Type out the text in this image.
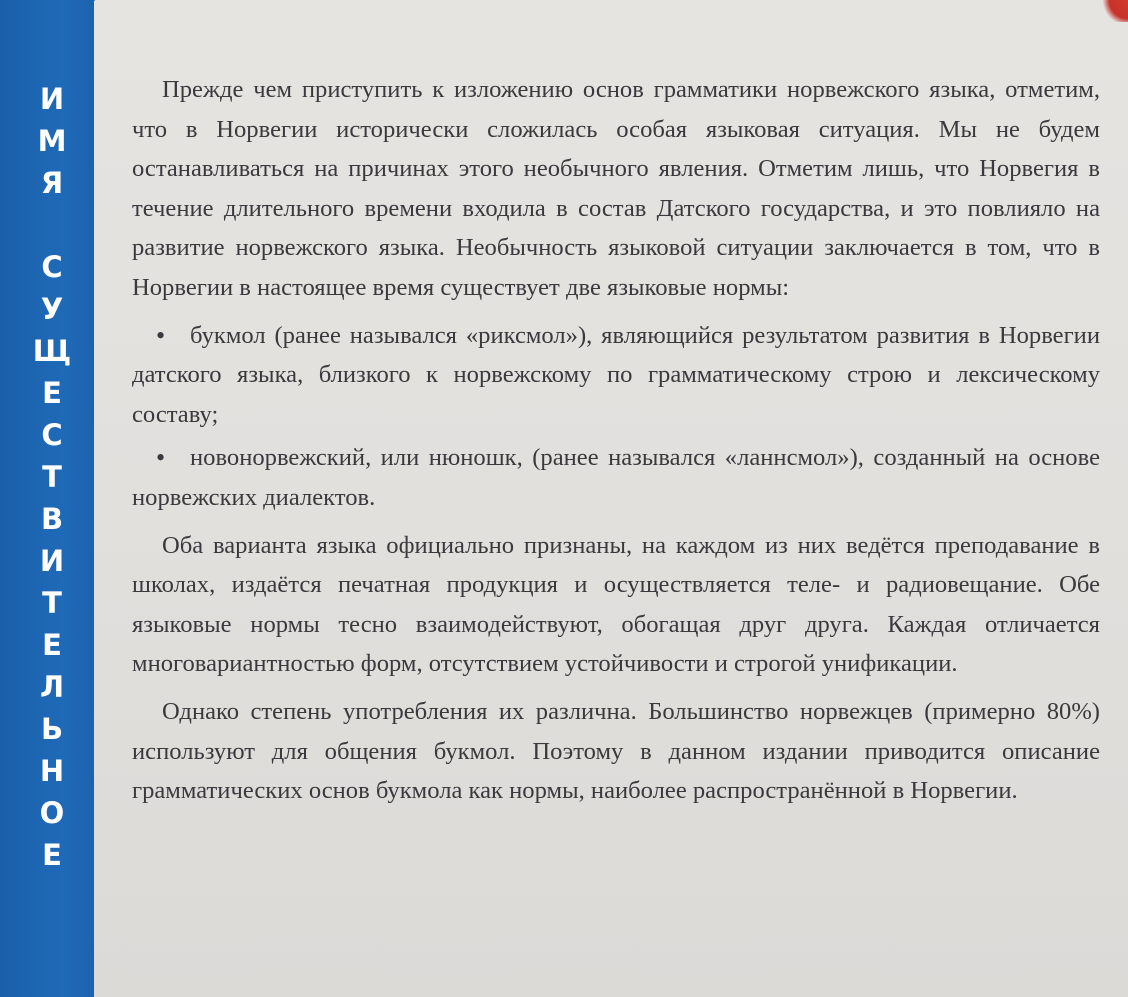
И
М
Я
С
У
Щ
Е
С
Т
В
И
Т
Е
Л
Ь
Н
О
Е

Прежде чем приступить к изложению основ грамматики норвежского языка, отметим, что в Норвегии исторически сложилась особая языковая ситуация. Мы не будем останавливаться на причинах этого необычного явления. Отметим лишь, что Норвегия в течение длительного времени входила в состав Датского государства, и это повлияло на развитие норвежского языка. Необычность языковой ситуации заключается в том, что в Норвегии в настоящее время существует две языковые нормы:

• букмол (ранее назывался «риксмол»), являющийся результатом развития в Норвегии датского языка, близкого к норвежскому по грамматическому строю и лексическому составу;
• новонорвежский, или нюношк, (ранее назывался «ланнсмол»), созданный на основе норвежских диалектов.

Оба варианта языка официально признаны, на каждом из них ведётся преподавание в школах, издаётся печатная продукция и осуществляется теле- и радиовещание. Обе языковые нормы тесно взаимодействуют, обогащая друг друга. Каждая отличается многовариантностью форм, отсутствием устойчивости и строгой унификации.

Однако степень употребления их различна. Большинство норвежцев (примерно 80%) используют для общения букмол. Поэтому в данном издании приводится описание грамматических основ букмола как нормы, наиболее распространённой в Норвегии.
